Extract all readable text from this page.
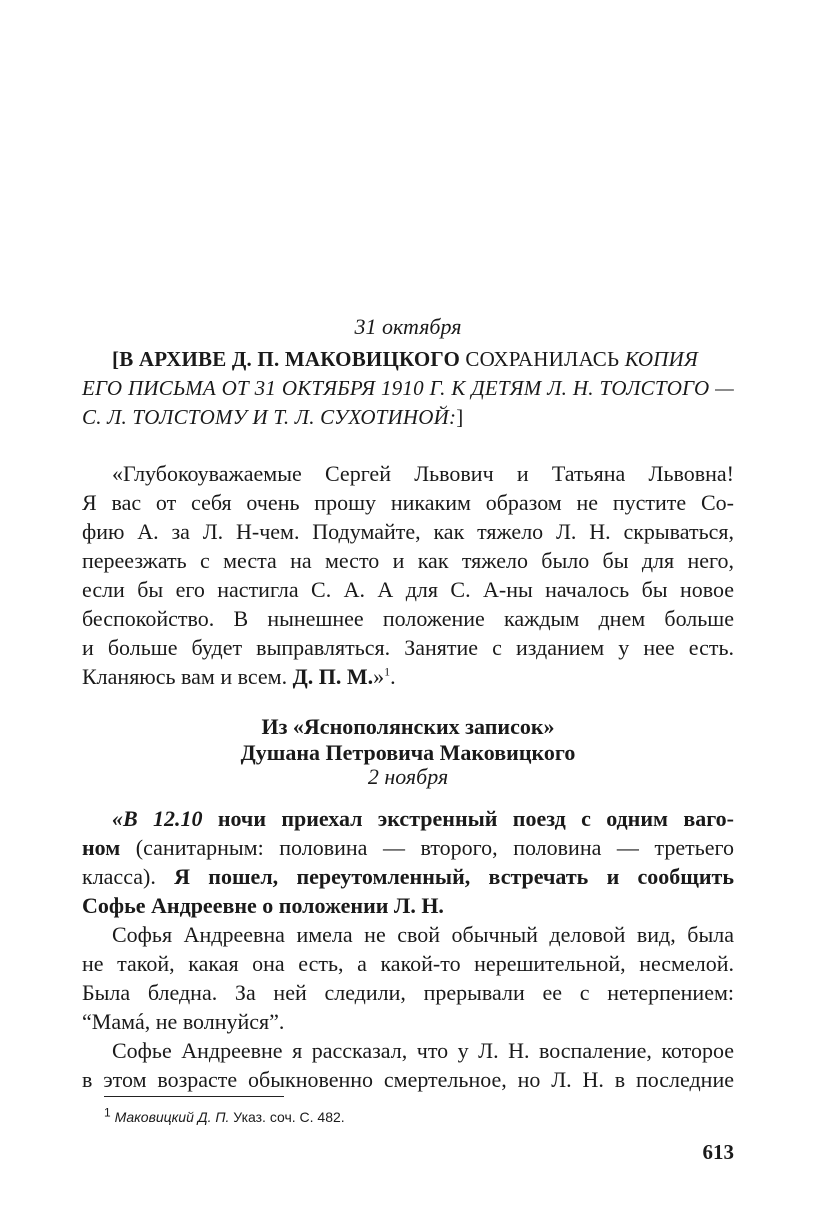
31 октября
[В АРХИВЕ Д. П. МАКОВИЦКОГО СОХРАНИЛАСЬ КОПИЯ
ЕГО ПИСЬМА ОТ 31 ОКТЯБРЯ 1910 Г. К ДЕТЯМ Л. Н. ТОЛСТОГО —
С. Л. ТОЛСТОМУ И Т. Л. СУХОТИНОЙ:]
«Глубокоуважаемые Сергей Львович и Татьяна Львовна!
Я вас от себя очень прошу никаким образом не пустите Со-
фию А. за Л. Н-чем. Подумайте, как тяжело Л. Н. скрываться,
переезжать с места на место и как тяжело было бы для него,
если бы его настигла С. А. А для С. А-ны началось бы новое
беспокойство. В нынешнее положение каждым днем больше
и больше будет выправляться. Занятие с изданием у нее есть.
Кланяюсь вам и всем. Д. П. М.»$^1$.
Из «Яснополянских записок»
Душана Петровича Маковицкого
2 ноября
«В 12.10 ночи приехал экстренный поезд с одним ваго-
ном (санитарным: половина — второго, половина — третьего
класса). Я пошел, переутомленный, встречать и сообщить
Софье Андреевне о положении Л. Н.
Софья Андреевна имела не свой обычный деловой вид, была
не такой, какая она есть, а какой-то нерешительной, несмелой.
Была бледна. За ней следили, прерывали ее с нетерпением:
“Мамá, не волнуйся”.
Софье Андреевне я рассказал, что у Л. Н. воспаление, которое
в этом возрасте обыкновенно смертельное, но Л. Н. в последние
$^1$ Маковицкий Д. П. Указ. соч. С. 482.
613
